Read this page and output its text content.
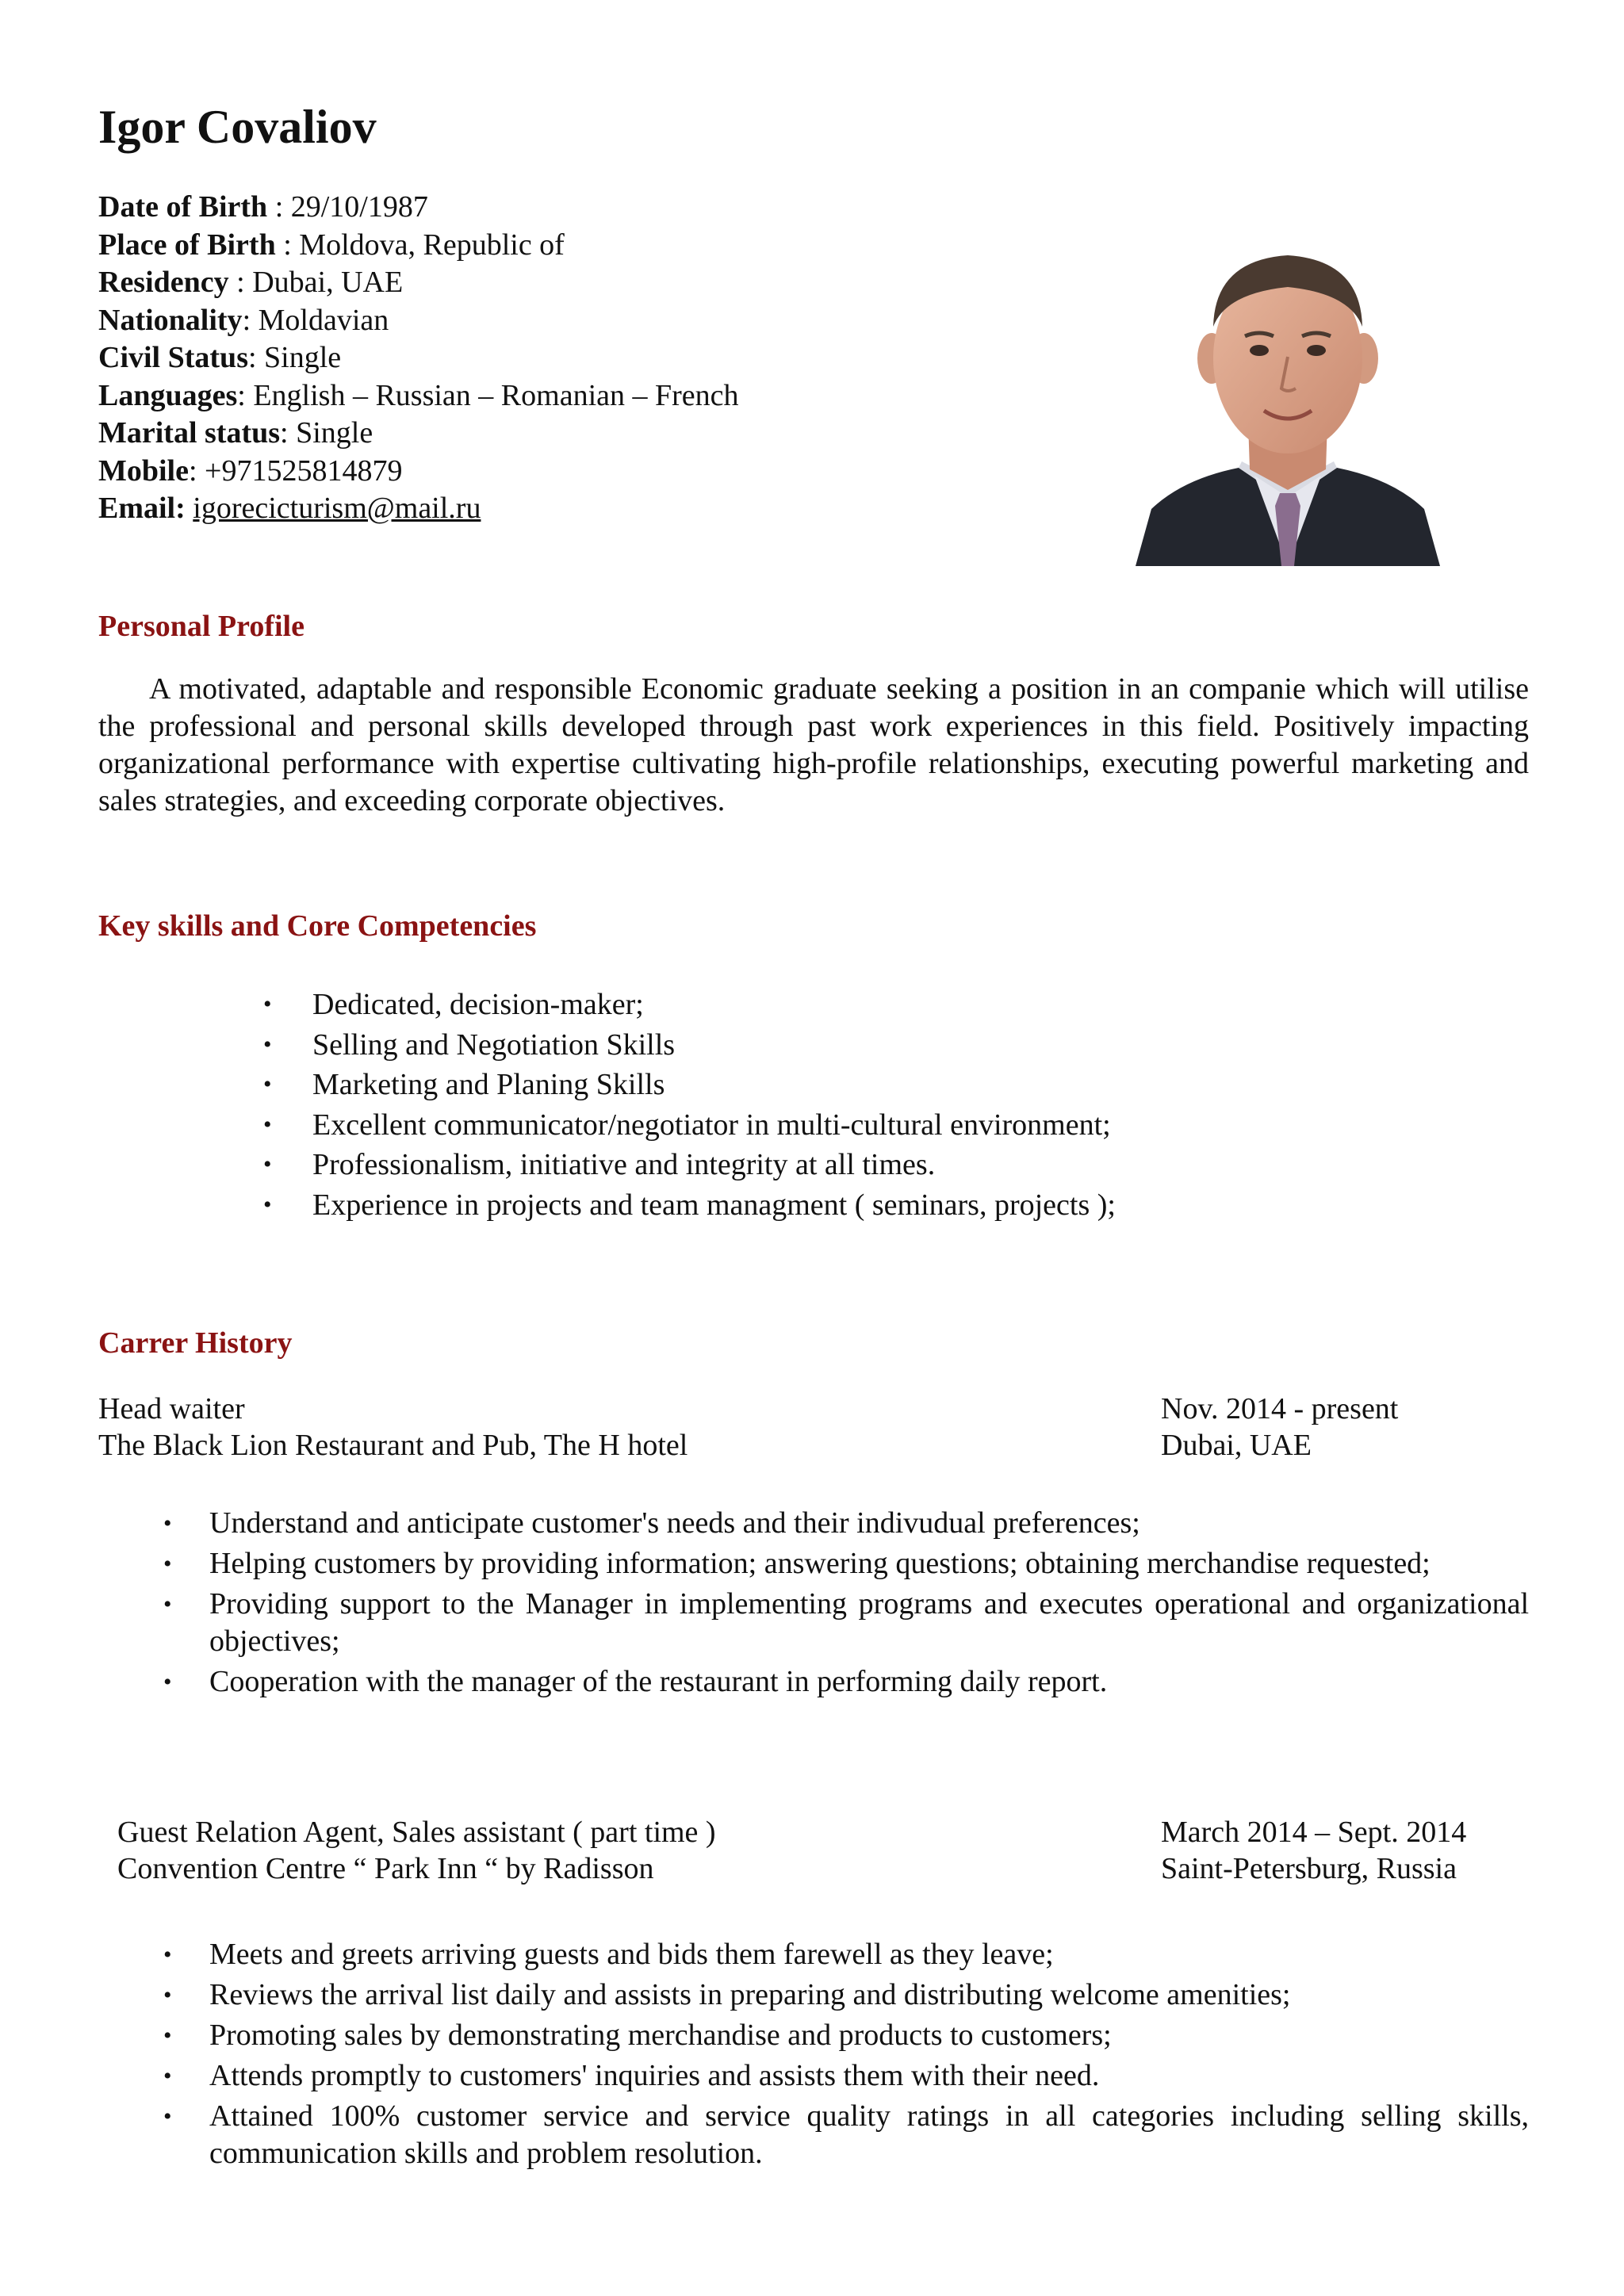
Igor Covaliov
Date of Birth : 29/10/1987
Place of Birth : Moldova, Republic of
Residency : Dubai, UAE
Nationality: Moldavian
Civil Status: Single
Languages: English – Russian – Romanian – French
Marital status: Single
Mobile: +971525814879
Email: igorecicturism@mail.ru
Personal Profile

A motivated, adaptable and responsible Economic graduate seeking a position in an companie which will utilise the professional and personal skills developed through past work experiences in this field. Positively impacting organizational performance with expertise cultivating high-profile relationships, executing powerful marketing and sales strategies, and exceeding corporate objectives.

Key skills and Core Competencies
• Dedicated, decision-maker;
• Selling and Negotiation Skills
• Marketing and Planing Skills
• Excellent communicator/negotiator in multi-cultural environment;
• Professionalism, initiative and integrity at all times.
• Experience in projects and team managment ( seminars, projects );
Carrer History
Head waiter
The Black Lion Restaurant and Pub, The H hotel
Nov. 2014 - present
Dubai, UAE
• Understand and anticipate customer's needs and their indivudual preferences;
• Helping customers by providing information; answering questions; obtaining merchandise requested;
• Providing support to the Manager in implementing programs and executes operational and organizational objectives;
• Cooperation with the manager of the restaurant in performing daily report.
Guest Relation Agent, Sales assistant ( part time )
Convention Centre “ Park Inn “ by Radisson
March 2014 – Sept. 2014
Saint-Petersburg, Russia
• Meets and greets arriving guests and bids them farewell as they leave;
• Reviews the arrival list daily and assists in preparing and distributing welcome amenities;
• Promoting sales by demonstrating merchandise and products to customers;
• Attends promptly to customers' inquiries and assists them with their need.
• Attained 100% customer service and service quality ratings in all categories including selling skills, communication skills and problem resolution.
